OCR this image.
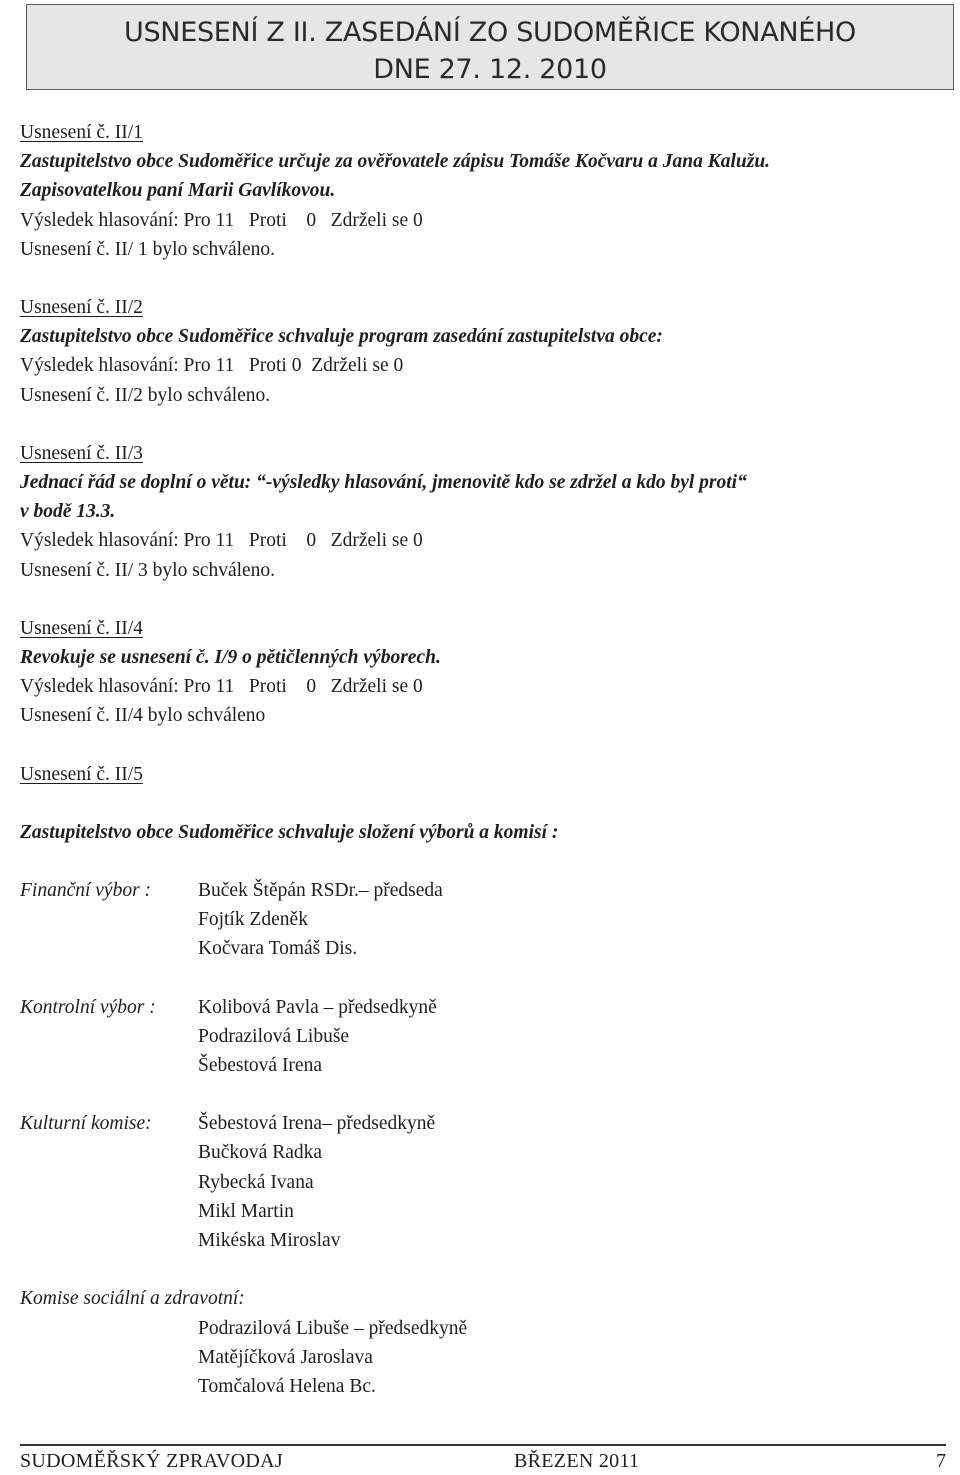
USNESENÍ Z II. ZASEDÁNÍ ZO SUDOMĚŘICE KONANÉHO
DNE 27. 12. 2010

Usnesení č. II/1

Zastupitelstvo obce Sudoměřice určuje za ověřovatele zápisu Tomáše Kočvaru a Jana Kalužu.

Zapisovatelkou paní Marii Gavlíkovou.

Výsledek hlasování: Pro 11   Proti    0   Zdrželi se 0

Usnesení č. II/ 1 bylo schváleno.

Usnesení č. II/2

Zastupitelstvo obce Sudoměřice schvaluje program zasedání zastupitelstva obce:

Výsledek hlasování: Pro 11   Proti 0  Zdrželi se 0

Usnesení č. II/2 bylo schváleno.

Usnesení č. II/3

Jednací řád se doplní o větu: “-výsledky hlasování, jmenovitě kdo se zdržel a kdo byl proti“

v bodě 13.3.

Výsledek hlasování: Pro 11   Proti    0   Zdrželi se 0

Usnesení č. II/ 3 bylo schváleno.

Usnesení č. II/4

Revokuje se usnesení č. I/9 o pětičlenných výborech.

Výsledek hlasování: Pro 11   Proti    0   Zdrželi se 0

Usnesení č. II/4 bylo schváleno

Usnesení č. II/5

Zastupitelstvo obce Sudoměřice schvaluje složení výborů a komisí :

Finanční výbor :	Buček Štěpán RSDr.– předseda
Fojtík Zdeněk
Kočvara Tomáš Dis.
Kontrolní výbor :	Kolibová Pavla – předsedkyně
Podrazilová Libuše
Šebestová Irena
Kulturní komise:	Šebestová Irena– předsedkyně
Bučková Radka
Rybecká Ivana
Mikl Martin
Mikéska Miroslav
Komise sociální a zdravotní:
Podrazilová Libuše – předsedkyně
Matějíčková Jaroslava
Tomčalová Helena Bc.
SUDOMĚŘSKÝ ZPRAVODAJ	BŘEZEN 2011	7
